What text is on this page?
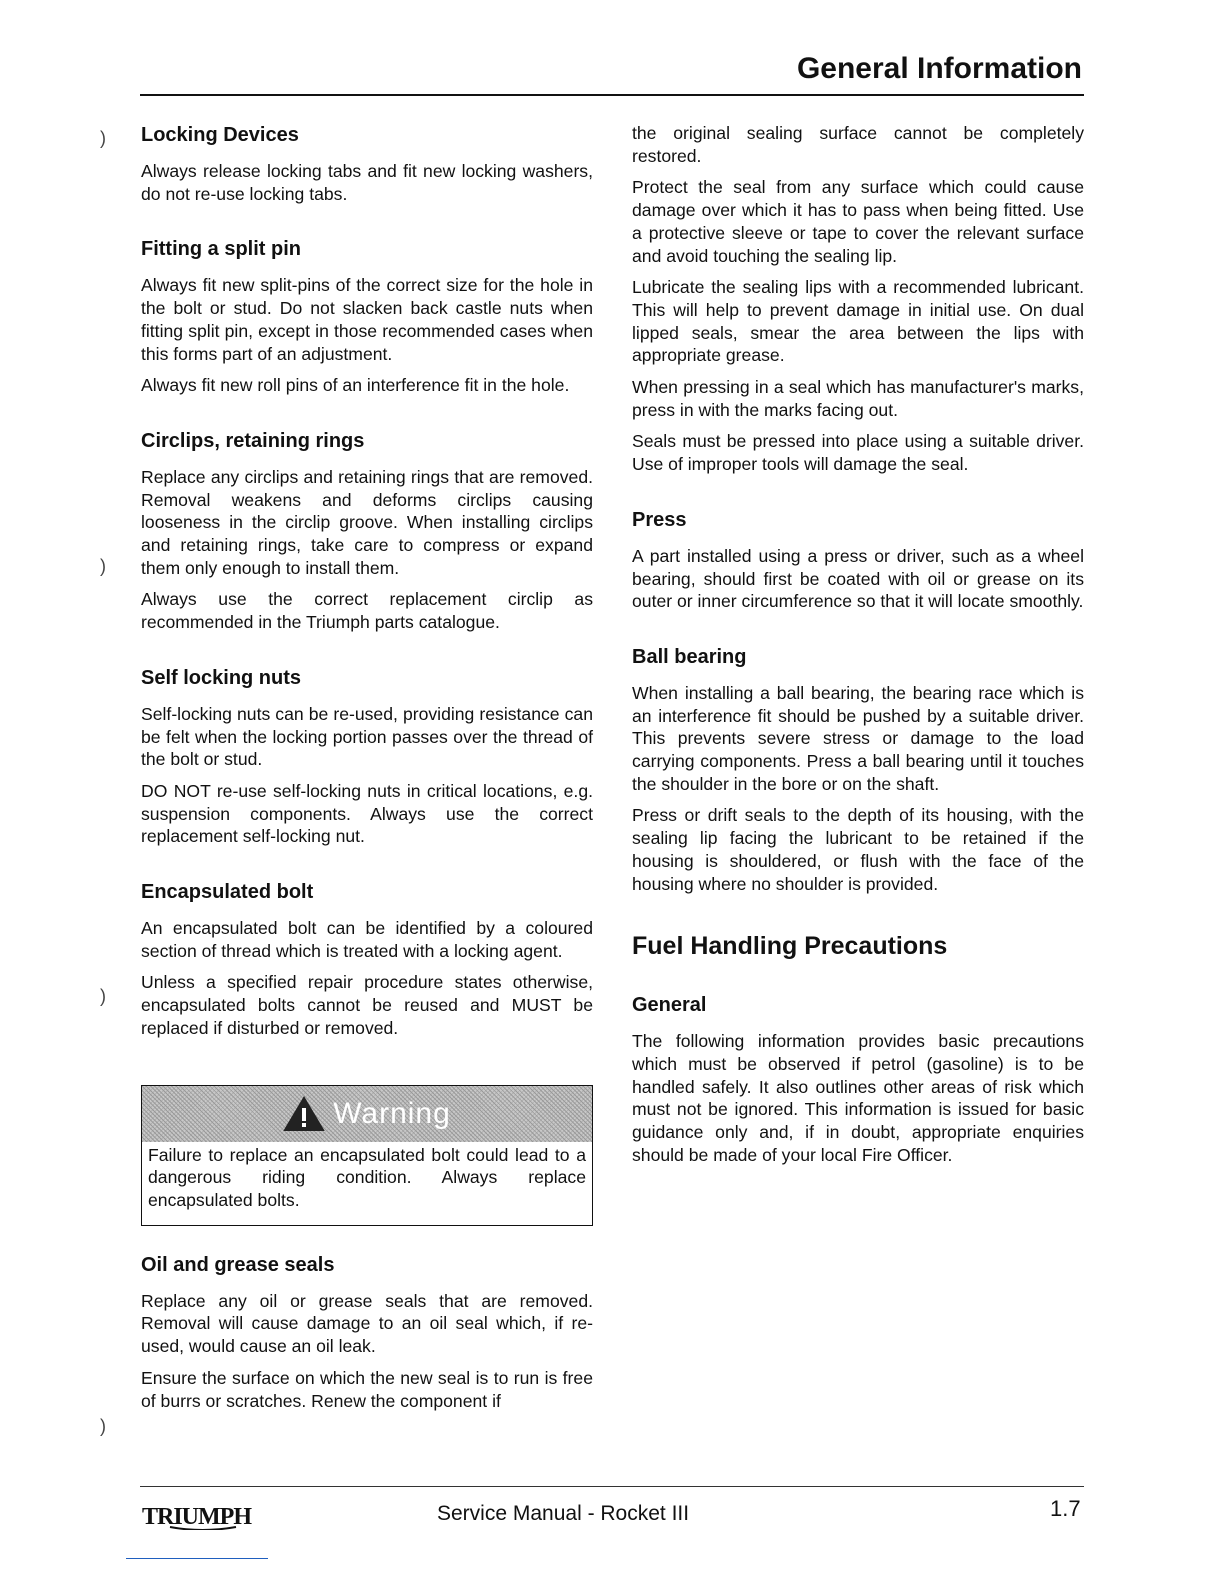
General Information
)
)
)
)
Locking Devices

Always release locking tabs and fit new locking washers, do not re-use locking tabs.

Fitting a split pin

Always fit new split-pins of the correct size for the hole in the bolt or stud. Do not slacken back castle nuts when fitting split pin, except in those recommended cases when this forms part of an adjustment.

Always fit new roll pins of an interference fit in the hole.

Circlips, retaining rings

Replace any circlips and retaining rings that are removed. Removal weakens and deforms circlips causing looseness in the circlip groove. When installing circlips and retaining rings, take care to compress or expand them only enough to install them.

Always use the correct replacement circlip as recommended in the Triumph parts catalogue.

Self locking nuts

Self-locking nuts can be re-used, providing resistance can be felt when the locking portion passes over the thread of the bolt or stud.

DO NOT re-use self-locking nuts in critical locations, e.g. suspension components. Always use the correct replacement self-locking nut.

Encapsulated bolt

An encapsulated bolt can be identified by a coloured section of thread which is treated with a locking agent.

Unless a specified repair procedure states otherwise, encapsulated bolts cannot be reused and MUST be replaced if disturbed or removed.

Warning

Failure to replace an encapsulated bolt could lead to a dangerous riding condition. Always replace encapsulated bolts.

Oil and grease seals

Replace any oil or grease seals that are removed. Removal will cause damage to an oil seal which, if re-used, would cause an oil leak.

Ensure the surface on which the new seal is to run is free of burrs or scratches. Renew the component if

the original sealing surface cannot be completely restored.

Protect the seal from any surface which could cause damage over which it has to pass when being fitted. Use a protective sleeve or tape to cover the relevant surface and avoid touching the sealing lip.

Lubricate the sealing lips with a recommended lubricant. This will help to prevent damage in initial use. On dual lipped seals, smear the area between the lips with appropriate grease.

When pressing in a seal which has manufacturer's marks, press in with the marks facing out.

Seals must be pressed into place using a suitable driver. Use of improper tools will damage the seal.

Press

A part installed using a press or driver, such as a wheel bearing, should first be coated with oil or grease on its outer or inner circumference so that it will locate smoothly.

Ball bearing

When installing a ball bearing, the bearing race which is an interference fit should be pushed by a suitable driver. This prevents severe stress or damage to the load carrying components. Press a ball bearing until it touches the shoulder in the bore or on the shaft.

Press or drift seals to the depth of its housing, with the sealing lip facing the lubricant to be retained if the housing is shouldered, or flush with the face of the housing where no shoulder is provided.

Fuel Handling Precautions
General

The following information provides basic precautions which must be observed if petrol (gasoline) is to be handled safely. It also outlines other areas of risk which must not be ignored. This information is issued for basic guidance only and, if in doubt, appropriate enquiries should be made of your local Fire Officer.

TRIUMPH	Service Manual - Rocket III	1.7
